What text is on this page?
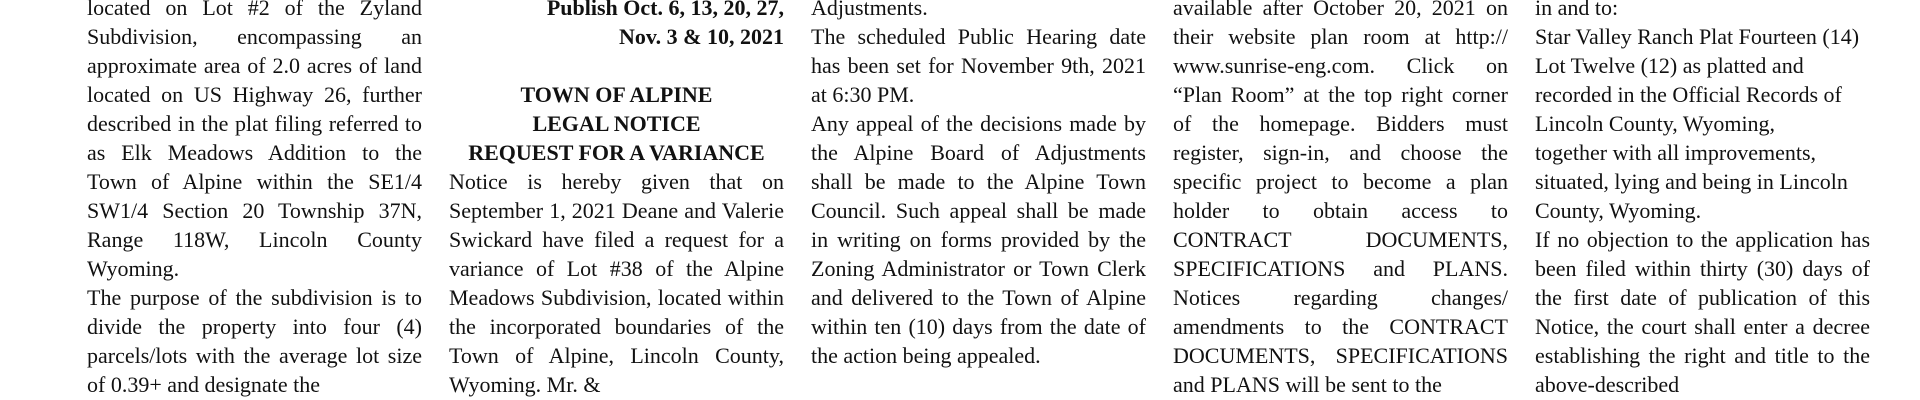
located on Lot #2 of the Zyland Subdivision, encompassing an approximate area of 2.0 acres of land located on US Highway 26, further described in the plat filing referred to as Elk Meadows Addition to the Town of Alpine within the SE1/4 SW1/4 Section 20 Township 37N, Range 118W, Lincoln County Wyoming.

The purpose of the subdivision is to divide the property into four (4) parcels/lots with the average lot size of 0.39+ and designate the

Publish Oct. 6, 13, 20, 27,

Nov. 3 & 10, 2021

TOWN OF ALPINE

LEGAL NOTICE

REQUEST FOR A VARIANCE

Notice is hereby given that on September 1, 2021 Deane and Valerie Swickard have filed a request for a variance of Lot #38 of the Alpine Meadows Subdivision, located within the incorporated boundaries of the Town of Alpine, Lincoln County, Wyoming. Mr. &

Adjustments.

The scheduled Public Hearing date has been set for November 9th, 2021 at 6:30 PM.

Any appeal of the decisions made by the Alpine Board of Adjustments shall be made to the Alpine Town Council. Such appeal shall be made in writing on forms provided by the Zoning Administrator or Town Clerk and delivered to the Town of Alpine within ten (10) days from the date of the action being appealed.

available after October 20, 2021 on their website plan room at http:// www.sunrise-eng.com. Click on “Plan Room” at the top right corner of the homepage. Bidders must register, sign-in, and choose the specific project to become a plan holder to obtain access to CONTRACT DOCUMENTS, SPECIFICATIONS and PLANS. Notices regarding changes/ amendments to the CONTRACT DOCUMENTS, SPECIFICATIONS and PLANS will be sent to the

in and to:

Star Valley Ranch Plat Fourteen (14) Lot Twelve (12) as platted and recorded in the Official Records of Lincoln County, Wyoming,

together with all improvements, situated, lying and being in Lincoln County, Wyoming.

If no objection to the application has been filed within thirty (30) days of the first date of publication of this Notice, the court shall enter a decree establishing the right and title to the above-described
